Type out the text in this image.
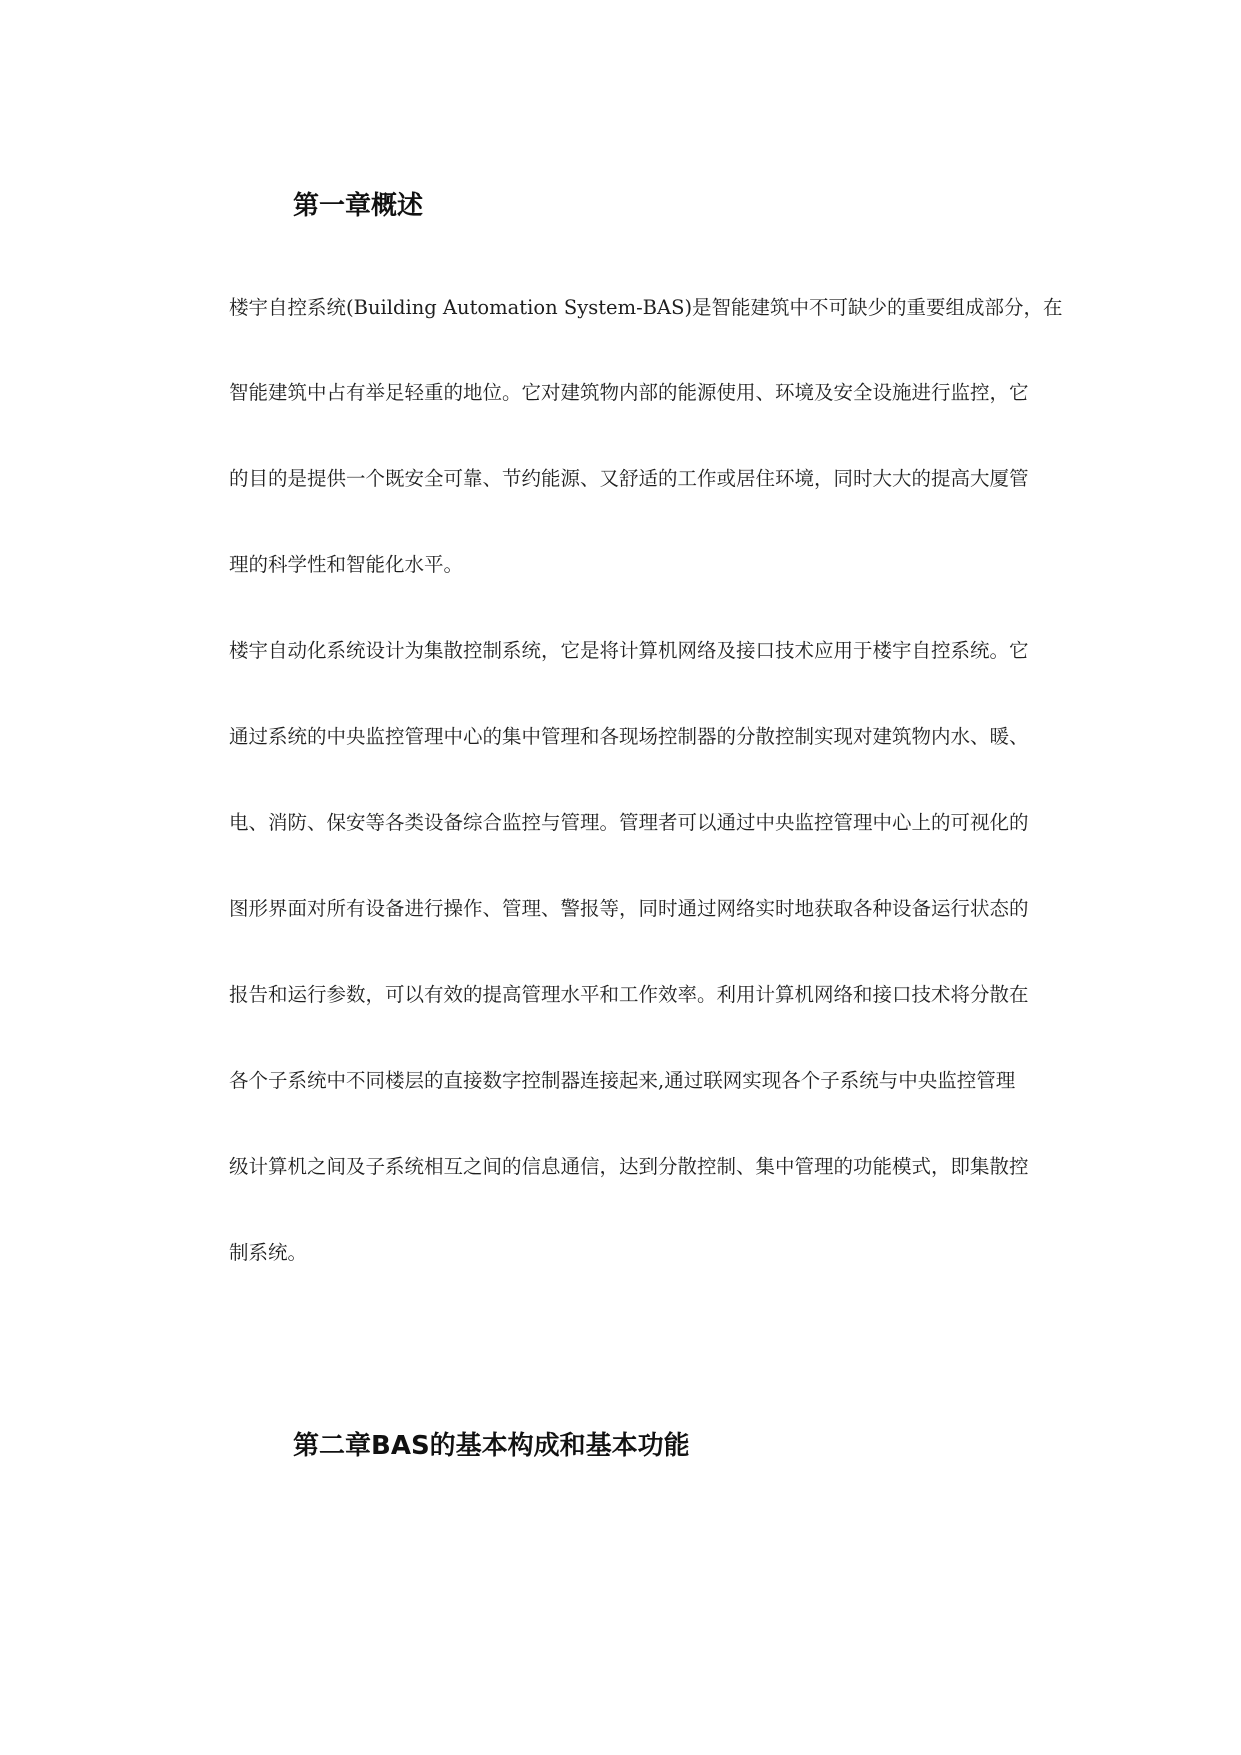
第一章概述
楼宇自控系统(Building Automation System-BAS)是智能建筑中不可缺少的重要组成部分，在
智能建筑中占有举足轻重的地位。它对建筑物内部的能源使用、环境及安全设施进行监控，它
的目的是提供一个既安全可靠、节约能源、又舒适的工作或居住环境，同时大大的提高大厦管
理的科学性和智能化水平。
楼宇自动化系统设计为集散控制系统，它是将计算机网络及接口技术应用于楼宇自控系统。它
通过系统的中央监控管理中心的集中管理和各现场控制器的分散控制实现对建筑物内水、暖、
电、消防、保安等各类设备综合监控与管理。管理者可以通过中央监控管理中心上的可视化的
图形界面对所有设备进行操作、管理、警报等，同时通过网络实时地获取各种设备运行状态的
报告和运行参数，可以有效的提高管理水平和工作效率。利用计算机网络和接口技术将分散在
各个子系统中不同楼层的直接数字控制器连接起来,通过联网实现各个子系统与中央监控管理
级计算机之间及子系统相互之间的信息通信，达到分散控制、集中管理的功能模式，即集散控
制系统。
第二章BAS的基本构成和基本功能
